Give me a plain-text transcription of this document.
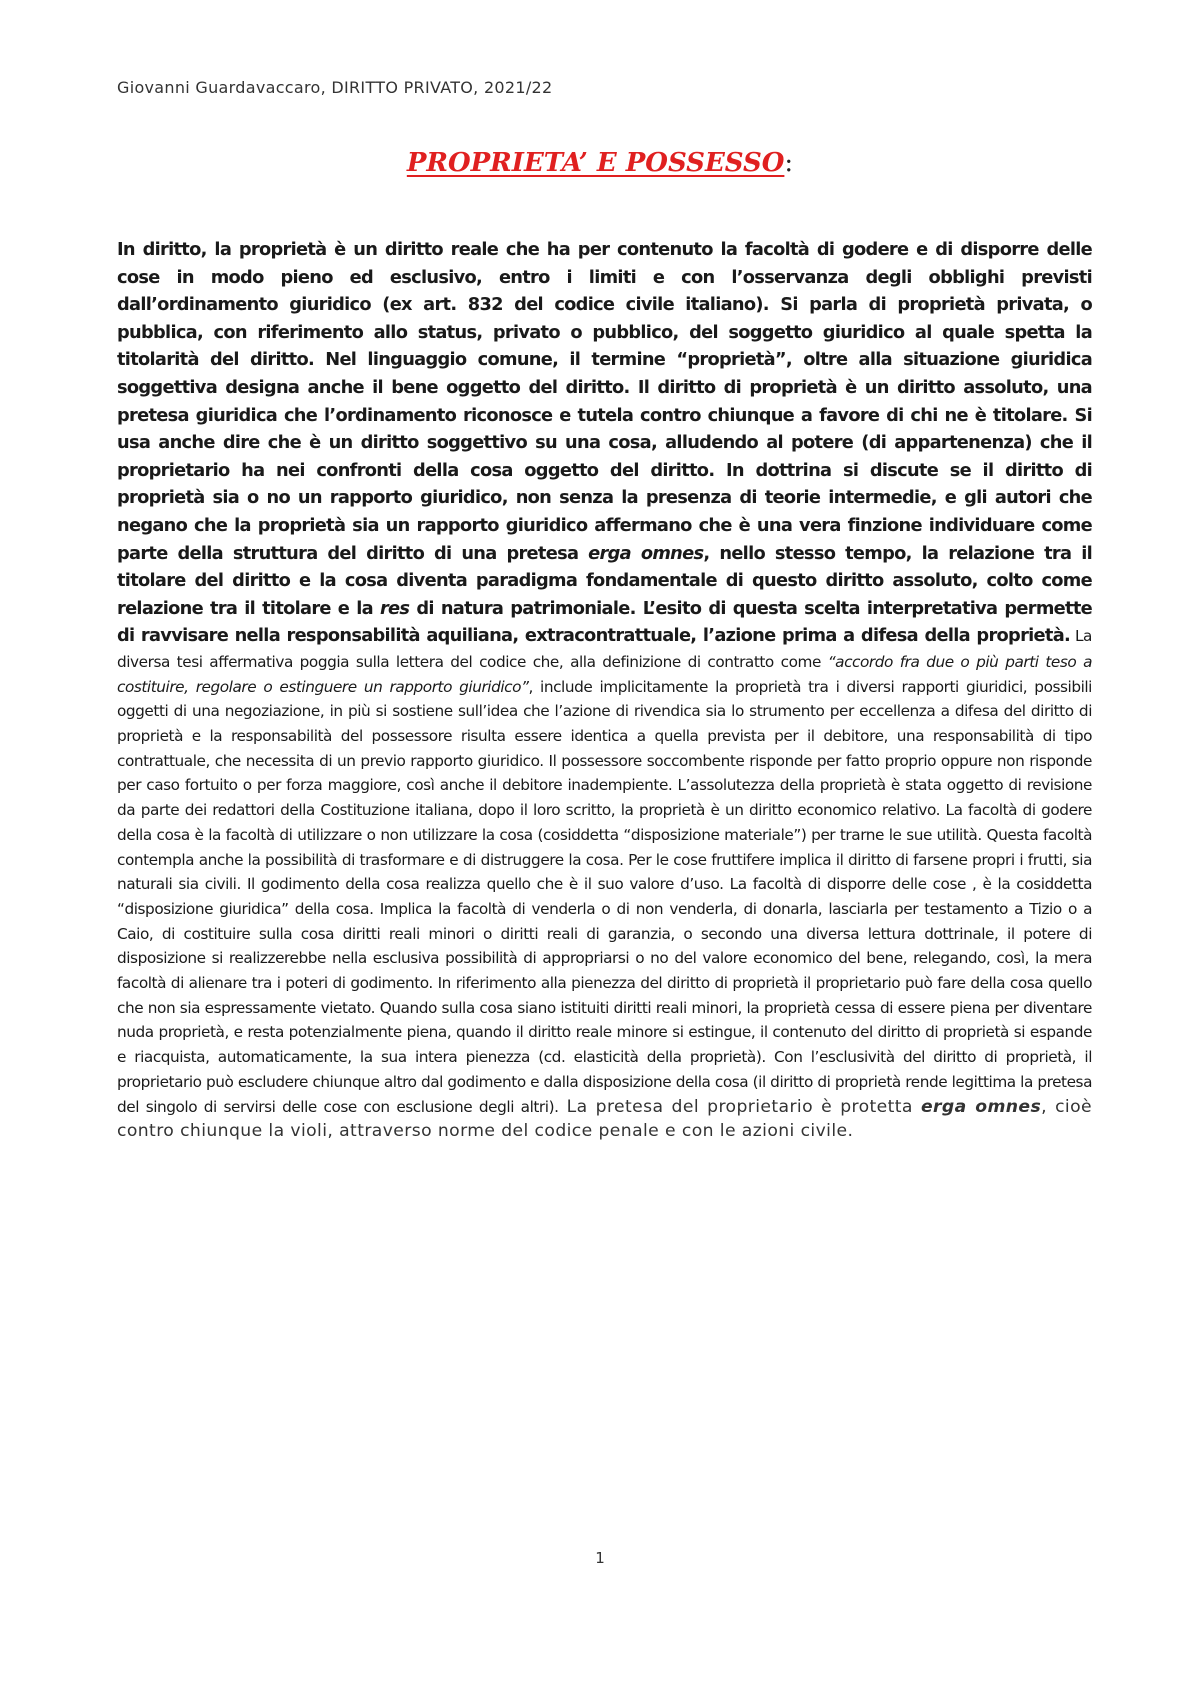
Giovanni Guardavaccaro, DIRITTO PRIVATO, 2021/22
PROPRIETA’ E POSSESSO:
In diritto, la proprietà è un diritto reale che ha per contenuto la facoltà di godere e di disporre delle cose in modo pieno ed esclusivo, entro i limiti e con l’osservanza degli obblighi previsti dall’ordinamento giuridico (ex art. 832 del codice civile italiano). Si parla di proprietà privata, o pubblica, con riferimento allo status, privato o pubblico, del soggetto giuridico al quale spetta la titolarità del diritto. Nel linguaggio comune, il termine “proprietà”, oltre alla situazione giuridica soggettiva designa anche il bene oggetto del diritto. Il diritto di proprietà è un diritto assoluto, una pretesa giuridica che l’ordinamento riconosce e tutela contro chiunque a favore di chi ne è titolare. Si usa anche dire che è un diritto soggettivo su una cosa, alludendo al potere (di appartenenza) che il proprietario ha nei confronti della cosa oggetto del diritto. In dottrina si discute se il diritto di proprietà sia o no un rapporto giuridico, non senza la presenza di teorie intermedie, e gli autori che negano che la proprietà sia un rapporto giuridico affermano che è una vera finzione individuare come parte della struttura del diritto di una pretesa erga omnes, nello stesso tempo, la relazione tra il titolare del diritto e la cosa diventa paradigma fondamentale di questo diritto assoluto, colto come relazione tra il titolare e la res di natura patrimoniale. L’esito di questa scelta interpretativa permette di ravvisare nella responsabilità aquiliana, extracontrattuale, l’azione prima a difesa della proprietà. La diversa tesi affermativa poggia sulla lettera del codice che, alla definizione di contratto come “accordo fra due o più parti teso a costituire, regolare o estinguere un rapporto giuridico”, include implicitamente la proprietà tra i diversi rapporti giuridici, possibili oggetti di una negoziazione, in più si sostiene sull’idea che l’azione di rivendica sia lo strumento per eccellenza a difesa del diritto di proprietà e la responsabilità del possessore risulta essere identica a quella prevista per il debitore, una responsabilità di tipo contrattuale, che necessita di un previo rapporto giuridico. Il possessore soccombente risponde per fatto proprio oppure non risponde per caso fortuito o per forza maggiore, così anche il debitore inadempiente. L’assolutezza della proprietà è stata oggetto di revisione da parte dei redattori della Costituzione italiana, dopo il loro scritto, la proprietà è un diritto economico relativo. La facoltà di godere della cosa è la facoltà di utilizzare o non utilizzare la cosa (cosiddetta “disposizione materiale”) per trarne le sue utilità. Questa facoltà contempla anche la possibilità di trasformare e di distruggere la cosa. Per le cose fruttifere implica il diritto di farsene propri i frutti, sia naturali sia civili. Il godimento della cosa realizza quello che è il suo valore d’uso. La facoltà di disporre delle cose , è la cosiddetta “disposizione giuridica” della cosa. Implica la facoltà di venderla o di non venderla, di donarla, lasciarla per testamento a Tizio o a Caio, di costituire sulla cosa diritti reali minori o diritti reali di garanzia, o secondo una diversa lettura dottrinale, il potere di disposizione si realizzerebbe nella esclusiva possibilità di appropriarsi o no del valore economico del bene, relegando, così, la mera facoltà di alienare tra i poteri di godimento. In riferimento alla pienezza del diritto di proprietà il proprietario può fare della cosa quello che non sia espressamente vietato. Quando sulla cosa siano istituiti diritti reali minori, la proprietà cessa di essere piena per diventare nuda proprietà, e resta potenzialmente piena, quando il diritto reale minore si estingue, il contenuto del diritto di proprietà si espande e riacquista, automaticamente, la sua intera pienezza (cd. elasticità della proprietà). Con l’esclusività del diritto di proprietà, il proprietario può escludere chiunque altro dal godimento e dalla disposizione della cosa (il diritto di proprietà rende legittima la pretesa del singolo di servirsi delle cose con esclusione degli altri). La pretesa del proprietario è protetta erga omnes, cioè contro chiunque la violi, attraverso norme del codice penale e con le azioni civile.
1
